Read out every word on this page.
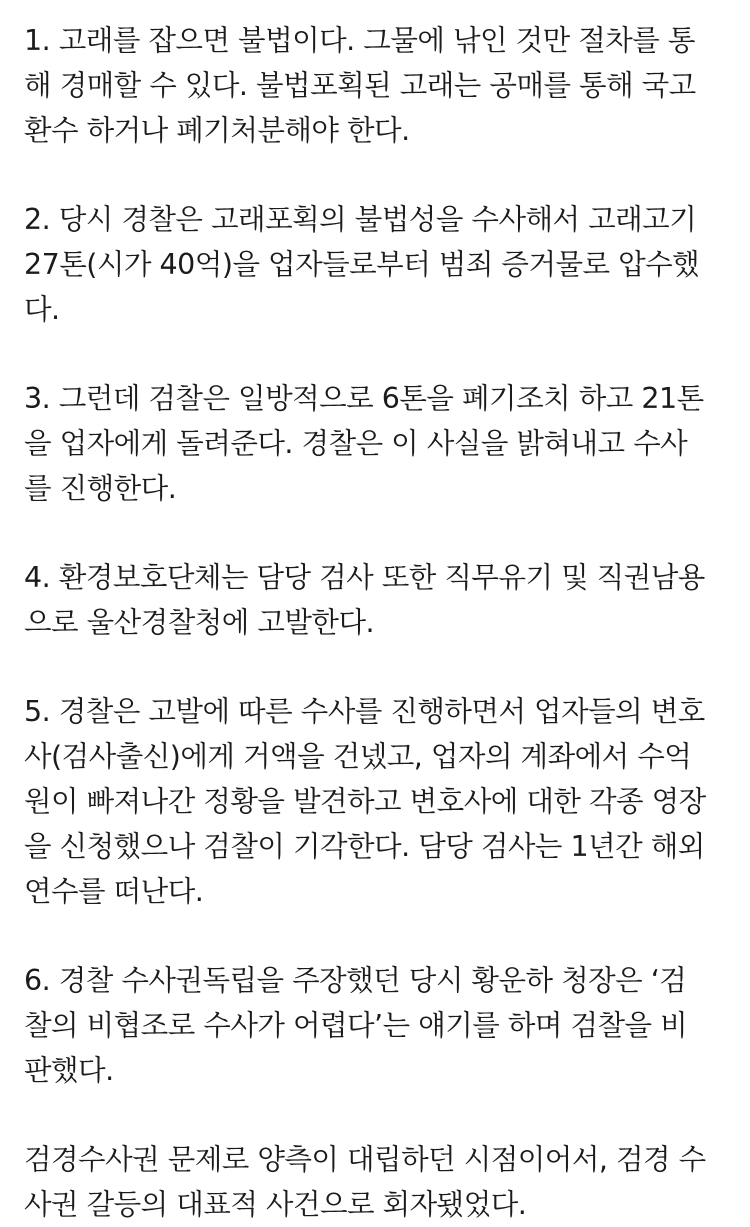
1. 고래를 잡으면 불법이다. 그물에 낚인 것만 절차를 통
해 경매할 수 있다. 불법포획된 고래는 공매를 통해 국고
환수 하거나 폐기처분해야 한다.
2. 당시 경찰은 고래포획의 불법성을 수사해서 고래고기
27톤(시가 40억)을 업자들로부터 범죄 증거물로 압수했
다.
3. 그런데 검찰은 일방적으로 6톤을 폐기조치 하고 21톤
을 업자에게 돌려준다. 경찰은 이 사실을 밝혀내고 수사
를 진행한다.
4. 환경보호단체는 담당 검사 또한 직무유기 및 직권남용
으로 울산경찰청에 고발한다.
5. 경찰은 고발에 따른 수사를 진행하면서 업자들의 변호
사(검사출신)에게 거액을 건넸고, 업자의 계좌에서 수억
원이 빠져나간 정황을 발견하고 변호사에 대한 각종 영장
을 신청했으나 검찰이 기각한다. 담당 검사는 1년간 해외
연수를 떠난다.
6. 경찰 수사권독립을 주장했던 당시 황운하 청장은 ‘검
찰의 비협조로 수사가 어렵다’는 얘기를 하며 검찰을 비
판했다.
검경수사권 문제로 양측이 대립하던 시점이어서, 검경 수
사권 갈등의 대표적 사건으로 회자됐었다.
